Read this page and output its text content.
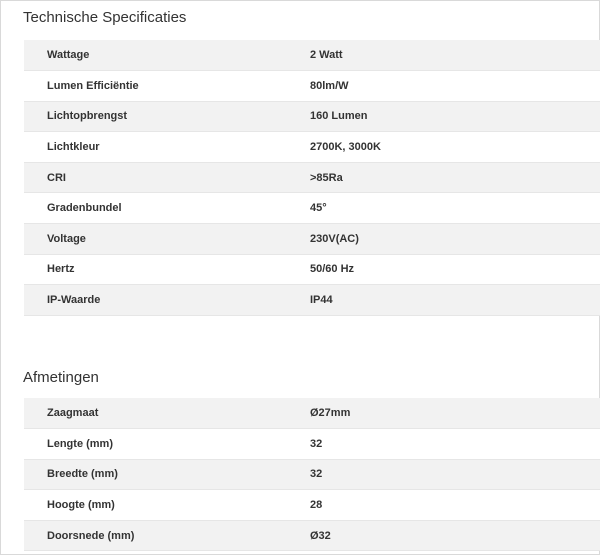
Technische Specificaties
Wattage	2 Watt
Lumen Efficiëntie	80lm/W
Lichtopbrengst	160 Lumen
Lichtkleur	2700K, 3000K
CRI	>85Ra
Gradenbundel	45°
Voltage	230V(AC)
Hertz	50/60 Hz
IP-Waarde	IP44
Afmetingen
Zaagmaat	Ø27mm
Lengte (mm)	32
Breedte (mm)	32
Hoogte (mm)	28
Doorsnede (mm)	Ø32
